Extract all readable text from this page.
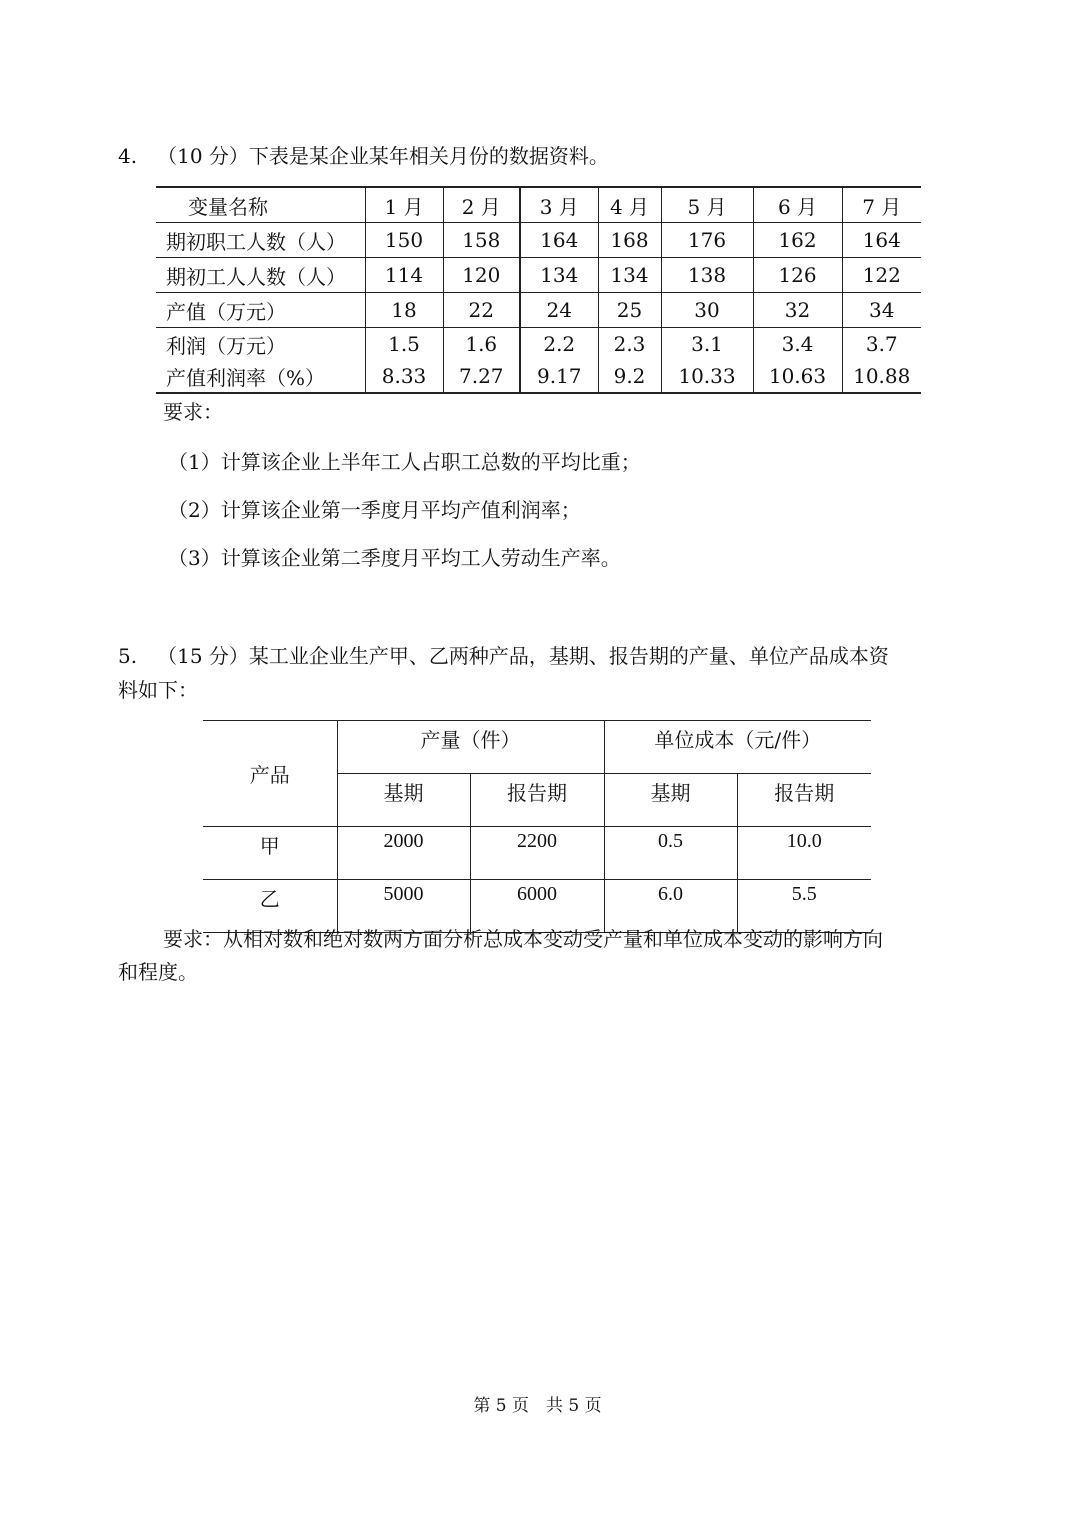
4. （10 分）下表是某企业某年相关月份的数据资料。
变量名称	1 月	2 月	3 月	4 月	5 月	6 月	7 月
期初职工人数（人）	150	158	164	168	176	162	164
期初工人人数（人）	114	120	134	134	138	126	122
产值（万元）	18	22	24	25	30	32	34
利润（万元）	1.5	1.6	2.2	2.3	3.1	3.4	3.7
产值利润率（%）	8.33	7.27	9.17	9.2	10.33	10.63	10.88
要求：
（1）计算该企业上半年工人占职工总数的平均比重；
（2）计算该企业第一季度月平均产值利润率；
（3）计算该企业第二季度月平均工人劳动生产率。
5. （15 分）某工业企业生产甲、乙两种产品，基期、报告期的产量、单位产品成本资
料如下：
产品	产量（件）		单位成本（元/件）	
	基期	报告期	基期	报告期
甲	2000	2200	0.5	10.0
乙	5000	6000	6.0	5.5
要求：从相对数和绝对数两方面分析总成本变动受产量和单位成本变动的影响方向
和程度。
第 5 页　共 5 页
